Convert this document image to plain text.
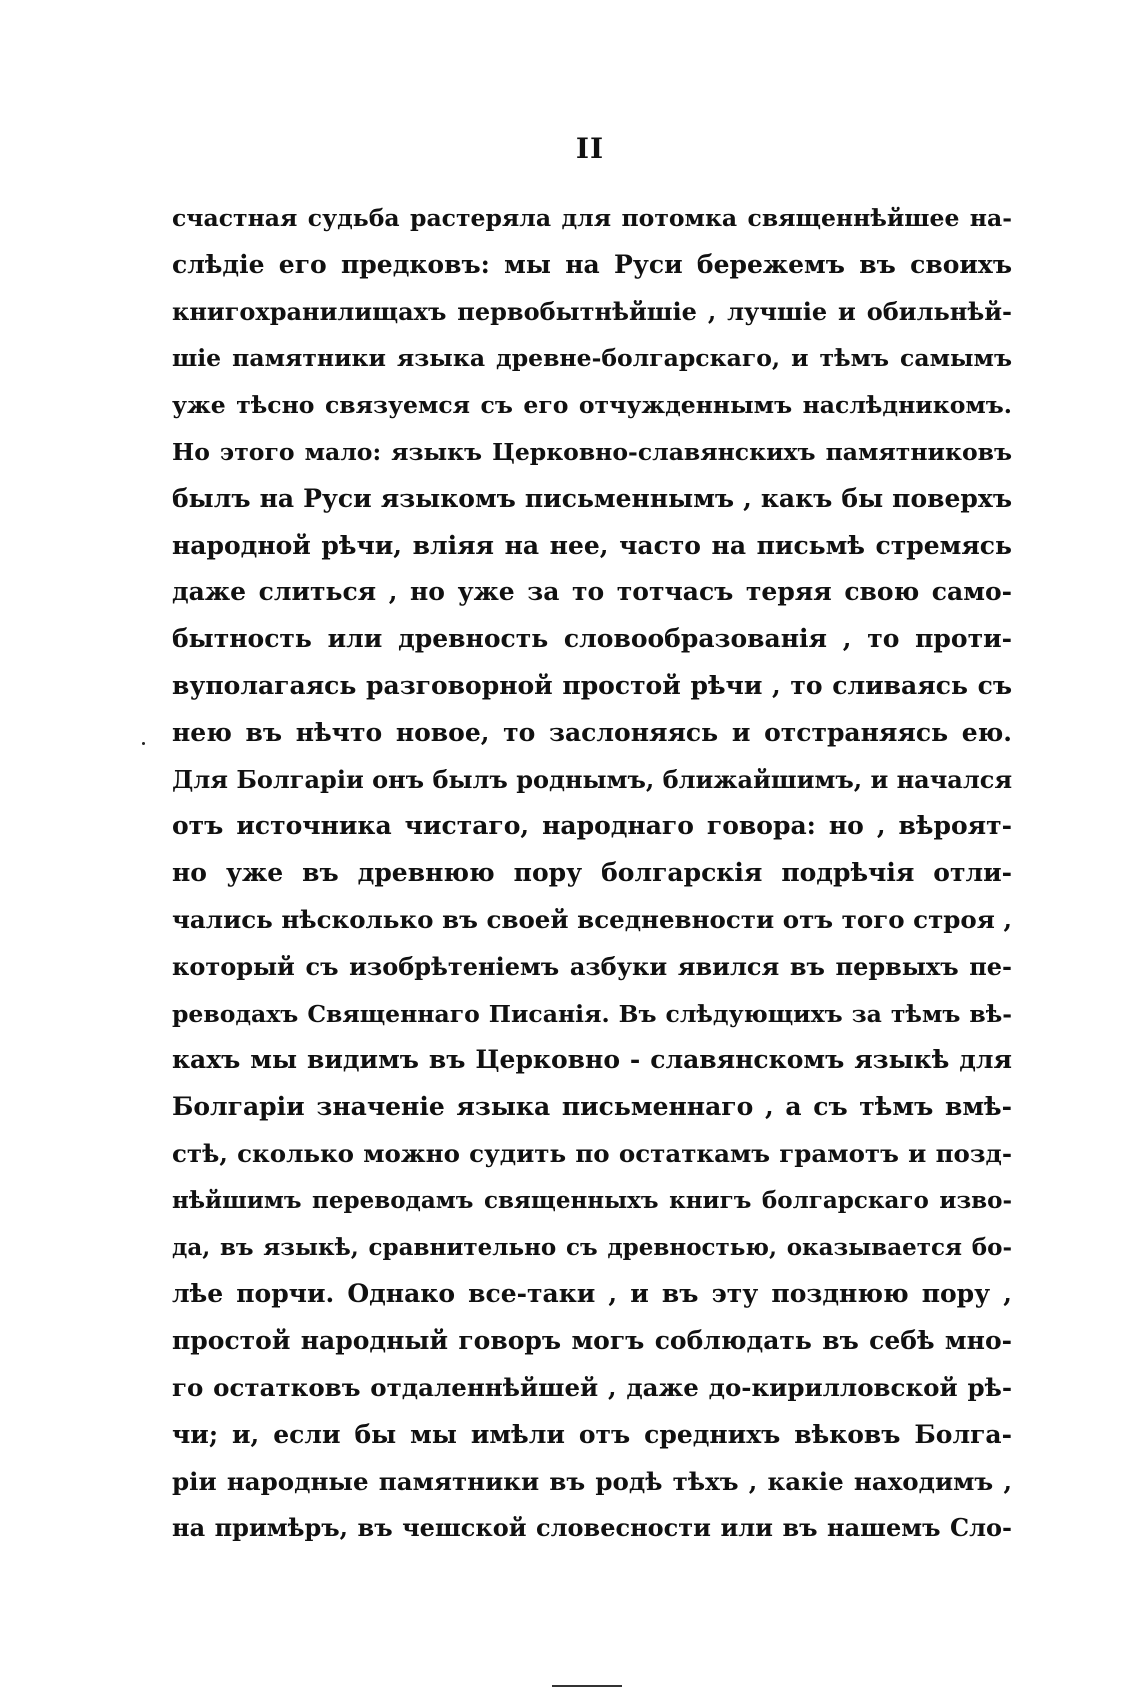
II
счастная судьба растеряла для потомка священнѣйшее на-
слѣдіе его предковъ: мы на Руси бережемъ въ своихъ
книгохранилищахъ первобытнѣйшіе , лучшіе и обильнѣй-
шіе памятники языка древне-болгарскаго, и тѣмъ самымъ
уже тѣсно связуемся съ его отчужденнымъ наслѣдникомъ.
Но этого мало: языкъ Церковно-славянскихъ памятниковъ
былъ на Руси языкомъ письменнымъ , какъ бы поверхъ
народной рѣчи, вліяя на нее, часто на письмѣ стремясь
даже слиться , но уже за то тотчасъ теряя свою само-
бытность или древность словообразованія , то проти-
вуполагаясь разговорной простой рѣчи , то сливаясь съ
нею въ нѣчто новое, то заслоняясь и отстраняясь ею.
Для Болгаріи онъ былъ роднымъ, ближайшимъ, и начался
отъ источника чистаго, народнаго говора: но , вѣроят-
но уже въ древнюю пору болгарскія подрѣчія отли-
чались нѣсколько въ своей вседневности отъ того строя ,
который съ изобрѣтеніемъ азбуки явился въ первыхъ пе-
реводахъ Священнаго Писанія. Въ слѣдующихъ за тѣмъ вѣ-
кахъ мы видимъ въ Церковно - славянскомъ языкѣ для
Болгаріи значеніе языка письменнаго , а съ тѣмъ вмѣ-
стѣ, сколько можно судить по остаткамъ грамотъ и позд-
нѣйшимъ переводамъ священныхъ книгъ болгарскаго изво-
да, въ языкѣ, сравнительно съ древностью, оказывается бо-
лѣе порчи. Однако все-таки , и въ эту позднюю пору ,
простой народный говоръ могъ соблюдать въ себѣ мно-
го остатковъ отдаленнѣйшей , даже до-кирилловской рѣ-
чи; и, если бы мы имѣли отъ среднихъ вѣковъ Болга-
ріи народные памятники въ родѣ тѣхъ , какіе находимъ ,
на примѣръ, въ чешской словесности или въ нашемъ Сло-
